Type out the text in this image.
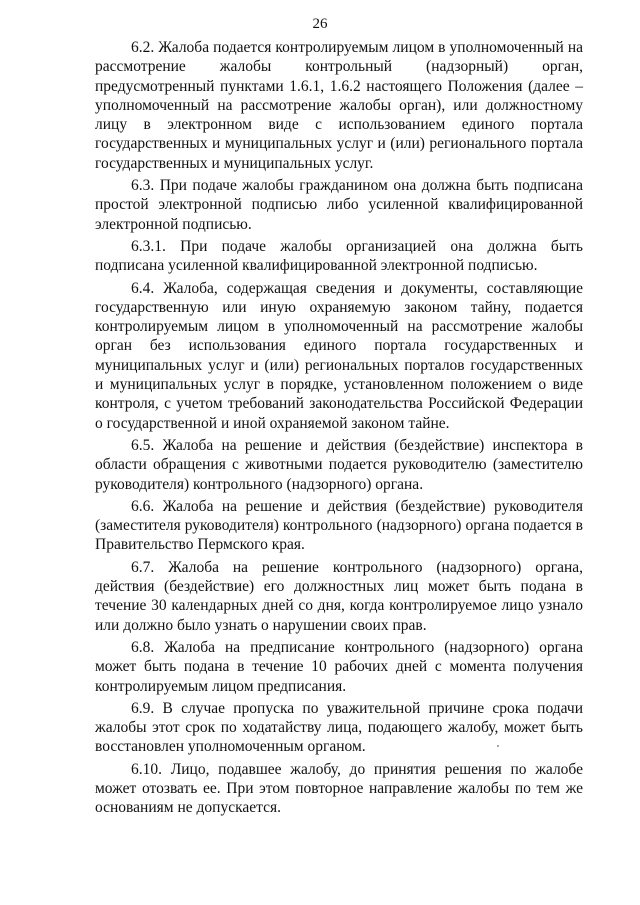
26

6.2. Жалоба подается контролируемым лицом в уполномоченный на рассмотрение жалобы контрольный (надзорный) орган, предусмотренный пунктами 1.6.1, 1.6.2 настоящего Положения (далее – уполномоченный на рассмотрение жалобы орган), или должностному лицу в электронном виде с использованием единого портала государственных и муниципальных услуг и (или) регионального портала государственных и муниципальных услуг.

6.3. При подаче жалобы гражданином она должна быть подписана простой электронной подписью либо усиленной квалифицированной электронной подписью.

6.3.1. При подаче жалобы организацией она должна быть подписана усиленной квалифицированной электронной подписью.

6.4. Жалоба, содержащая сведения и документы, составляющие государственную или иную охраняемую законом тайну, подается контролируемым лицом в уполномоченный на рассмотрение жалобы орган без использования единого портала государственных и муниципальных услуг и (или) региональных порталов государственных и муниципальных услуг в порядке, установленном положением о виде контроля, с учетом требований законодательства Российской Федерации о государственной и иной охраняемой законом тайне.

6.5. Жалоба на решение и действия (бездействие) инспектора в области обращения с животными подается руководителю (заместителю руководителя) контрольного (надзорного) органа.

6.6. Жалоба на решение и действия (бездействие) руководителя (заместителя руководителя) контрольного (надзорного) органа подается в Правительство Пермского края.

6.7. Жалоба на решение контрольного (надзорного) органа, действия (бездействие) его должностных лиц может быть подана в течение 30 календарных дней со дня, когда контролируемое лицо узнало или должно было узнать о нарушении своих прав.

6.8. Жалоба на предписание контрольного (надзорного) органа может быть подана в течение 10 рабочих дней с момента получения контролируемым лицом предписания.

6.9. В случае пропуска по уважительной причине срока подачи жалобы этот срок по ходатайству лица, подающего жалобу, может быть восстановлен уполномоченным органом.

6.10. Лицо, подавшее жалобу, до принятия решения по жалобе может отозвать ее. При этом повторное направление жалобы по тем же основаниям не допускается.
